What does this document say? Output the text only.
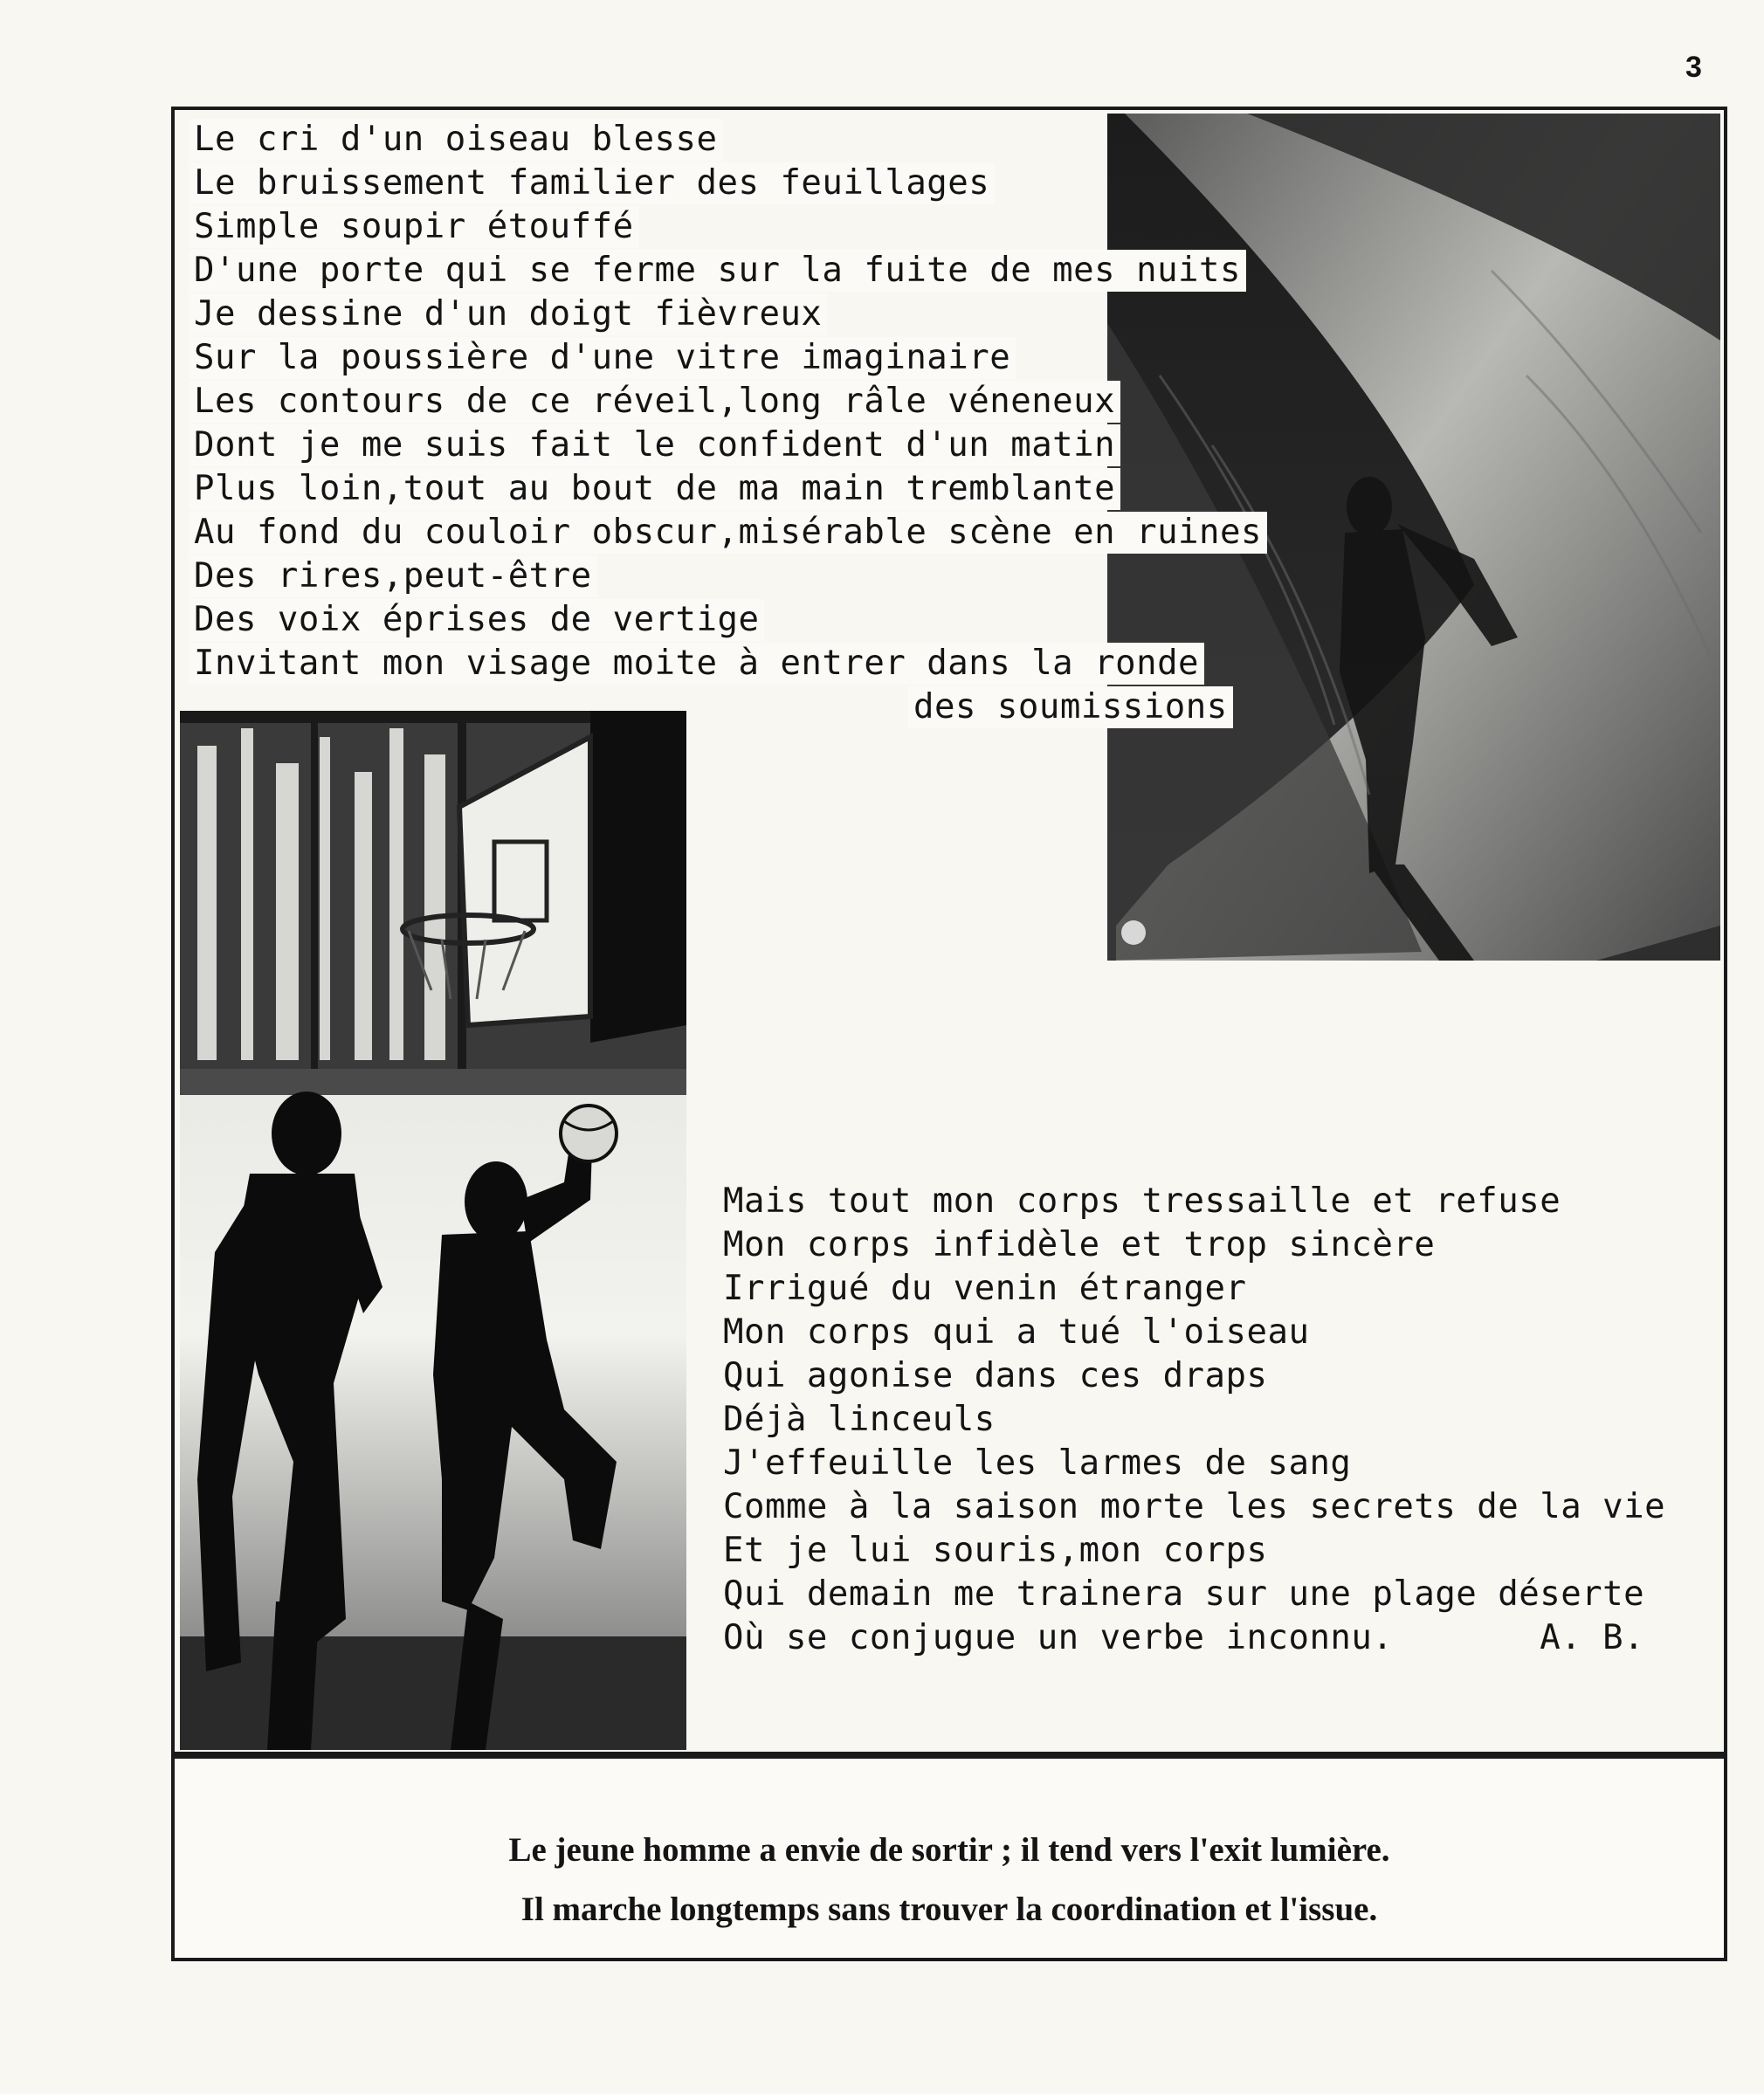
3
Le cri d'un oiseau blesse
Le bruissement familier des feuillages
Simple soupir étouffé
D'une porte qui se ferme sur la fuite de mes nuits
Je dessine d'un doigt fièvreux
Sur la poussière d'une vitre imaginaire
Les contours de ce réveil,long râle véneneux
Dont je me suis fait le confident d'un matin
Plus loin,tout au bout de ma main tremblante
Au fond du couloir obscur,misérable scène en ruines
Des rires,peut-être
Des voix éprises de vertige
Invitant mon visage moite à entrer dans la ronde
des soumissions
Mais tout mon corps tressaille et refuse
Mon corps infidèle et trop sincère
Irrigué du venin étranger
Mon corps qui a tué l'oiseau
Qui agonise dans ces draps
Déjà linceuls
J'effeuille les larmes de sang
Comme à la saison morte les secrets de la vie
Et je lui souris,mon corps
Qui demain me trainera sur une plage déserte
Où se conjugue un verbe inconnu.       A. B.
Le jeune homme a envie de sortir ; il tend vers l'exit lumière.
Il marche longtemps sans trouver la coordination et l'issue.
